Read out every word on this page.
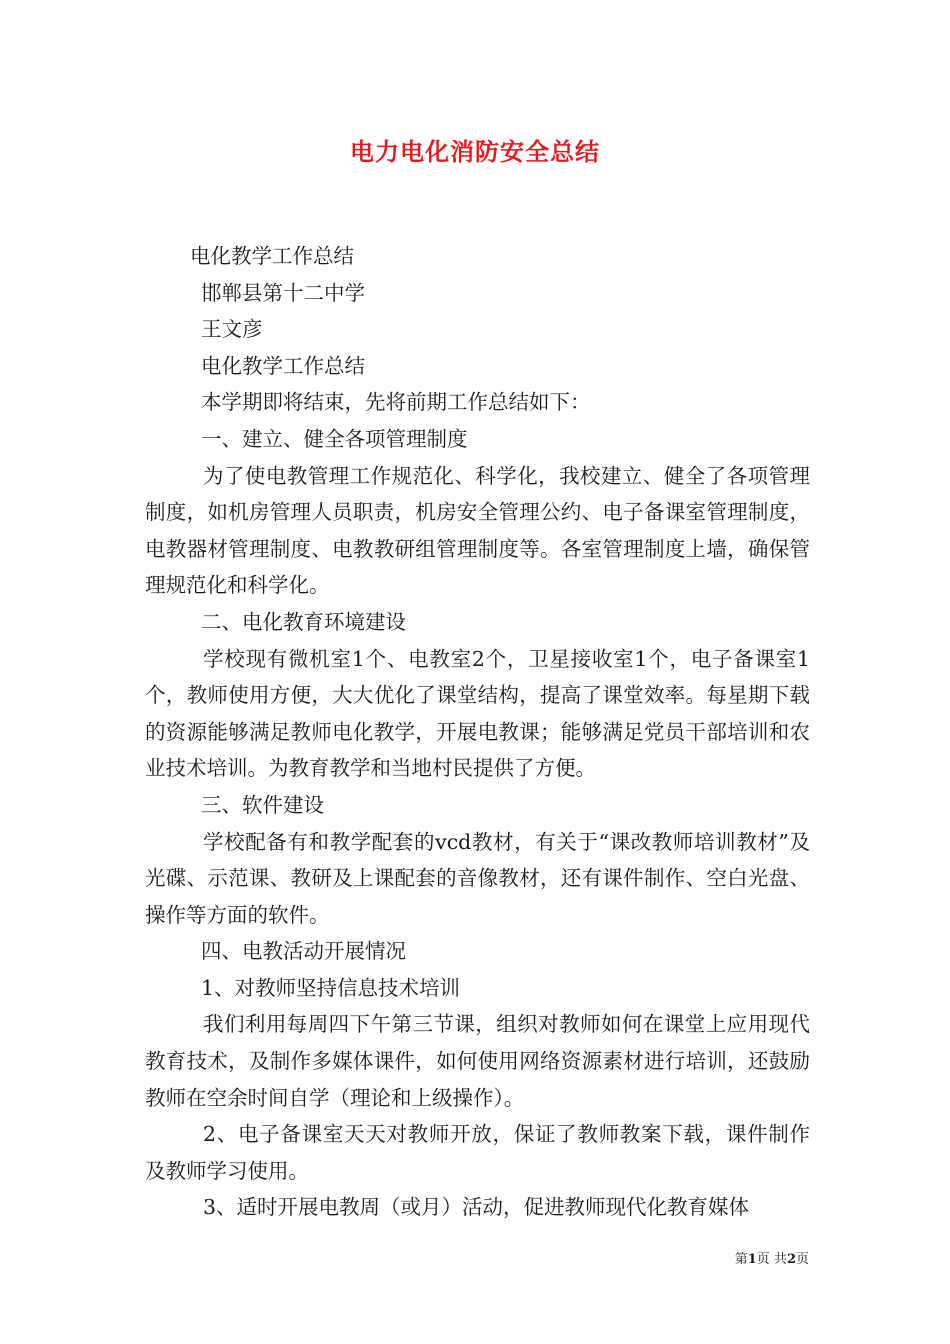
电力电化消防安全总结
电化教学工作总结
邯郸县第十二中学
王文彦
电化教学工作总结
本学期即将结束，先将前期工作总结如下：
一、建立、健全各项管理制度
为了使电教管理工作规范化、科学化，我校建立、健全了各项管理制度，如机房管理人员职责，机房安全管理公约、电子备课室管理制度，电教器材管理制度、电教教研组管理制度等。各室管理制度上墙，确保管理规范化和科学化。
二、电化教育环境建设
学校现有微机室1个、电教室2个，卫星接收室1个，电子备课室1个，教师使用方便，大大优化了课堂结构，提高了课堂效率。每星期下载的资源能够满足教师电化教学，开展电教课；能够满足党员干部培训和农业技术培训。为教育教学和当地村民提供了方便。
三、软件建设
学校配备有和教学配套的vcd教材，有关于“课改教师培训教材”及光碟、示范课、教研及上课配套的音像教材，还有课件制作、空白光盘、操作等方面的软件。
四、电教活动开展情况
1、对教师坚持信息技术培训
我们利用每周四下午第三节课，组织对教师如何在课堂上应用现代教育技术，及制作多媒体课件，如何使用网络资源素材进行培训，还鼓励教师在空余时间自学（理论和上级操作）。
2、电子备课室天天对教师开放，保证了教师教案下载，课件制作及教师学习使用。
3、适时开展电教周（或月）活动，促进教师现代化教育媒体
第1页 共2页
